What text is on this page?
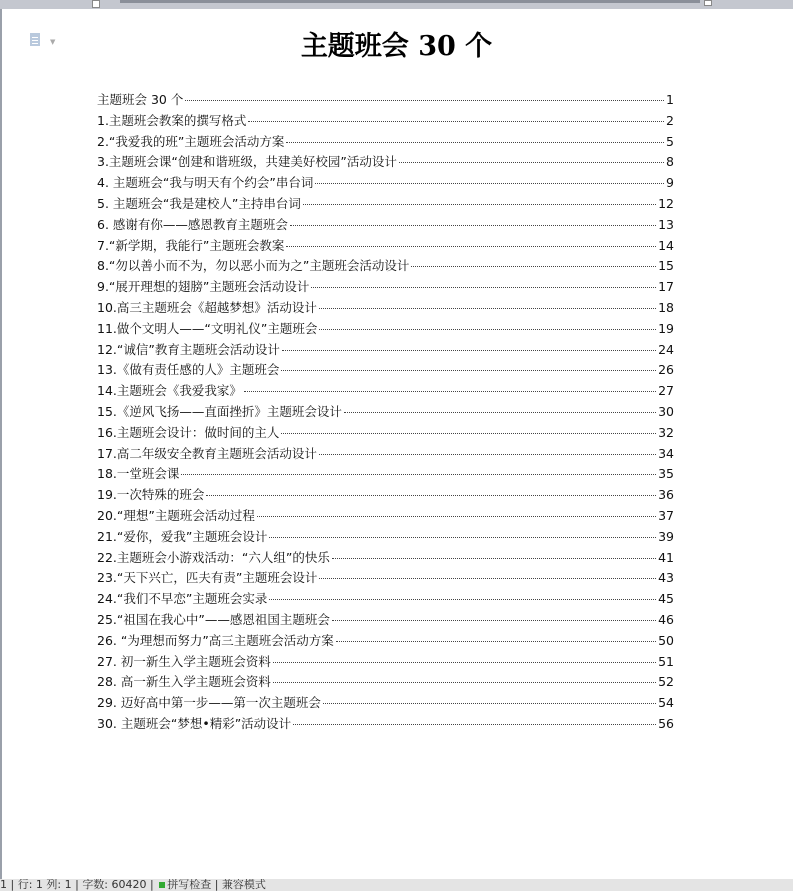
▼	主题班会 30 个
主题班会 30 个	1
1.主题班会教案的撰写格式	2
2.“我爱我的班”主题班会活动方案	5
3.主题班会课“创建和谐班级，共建美好校园”活动设计	8
4. 主题班会“我与明天有个约会”串台词	9
5. 主题班会“我是建校人”主持串台词	12
6. 感谢有你——感恩教育主题班会	13
7.“新学期，我能行”主题班会教案	14
8.“勿以善小而不为，勿以恶小而为之”主题班会活动设计	15
9.“展开理想的翅膀”主题班会活动设计	17
10.高三主题班会《超越梦想》活动设计	18
11.做个文明人——“文明礼仪”主题班会	19
12.“诚信”教育主题班会活动设计	24
13.《做有责任感的人》主题班会	26
14.主题班会《我爱我家》	27
15.《逆风飞扬——直面挫折》主题班会设计	30
16.主题班会设计：做时间的主人	32
17.高二年级安全教育主题班会活动设计	34
18.一堂班会课	35
19.一次特殊的班会	36
20.“理想”主题班会活动过程	37
21.“爱你，爱我”主题班会设计	39
22.主题班会小游戏活动：“六人组”的快乐	41
23.“天下兴亡，匹夫有责”主题班会设计	43
24.“我们不早恋”主题班会实录	45
25.“祖国在我心中”——感恩祖国主题班会	46
26. “为理想而努力”高三主题班会活动方案	50
27. 初一新生入学主题班会资料	51
28. 高一新生入学主题班会资料	52
29. 迈好高中第一步——第一次主题班会	54
30. 主题班会“梦想•精彩”活动设计	56
1 | 行: 1 列: 1 | 字数: 60420 | 拼写检查 | 兼容模式
